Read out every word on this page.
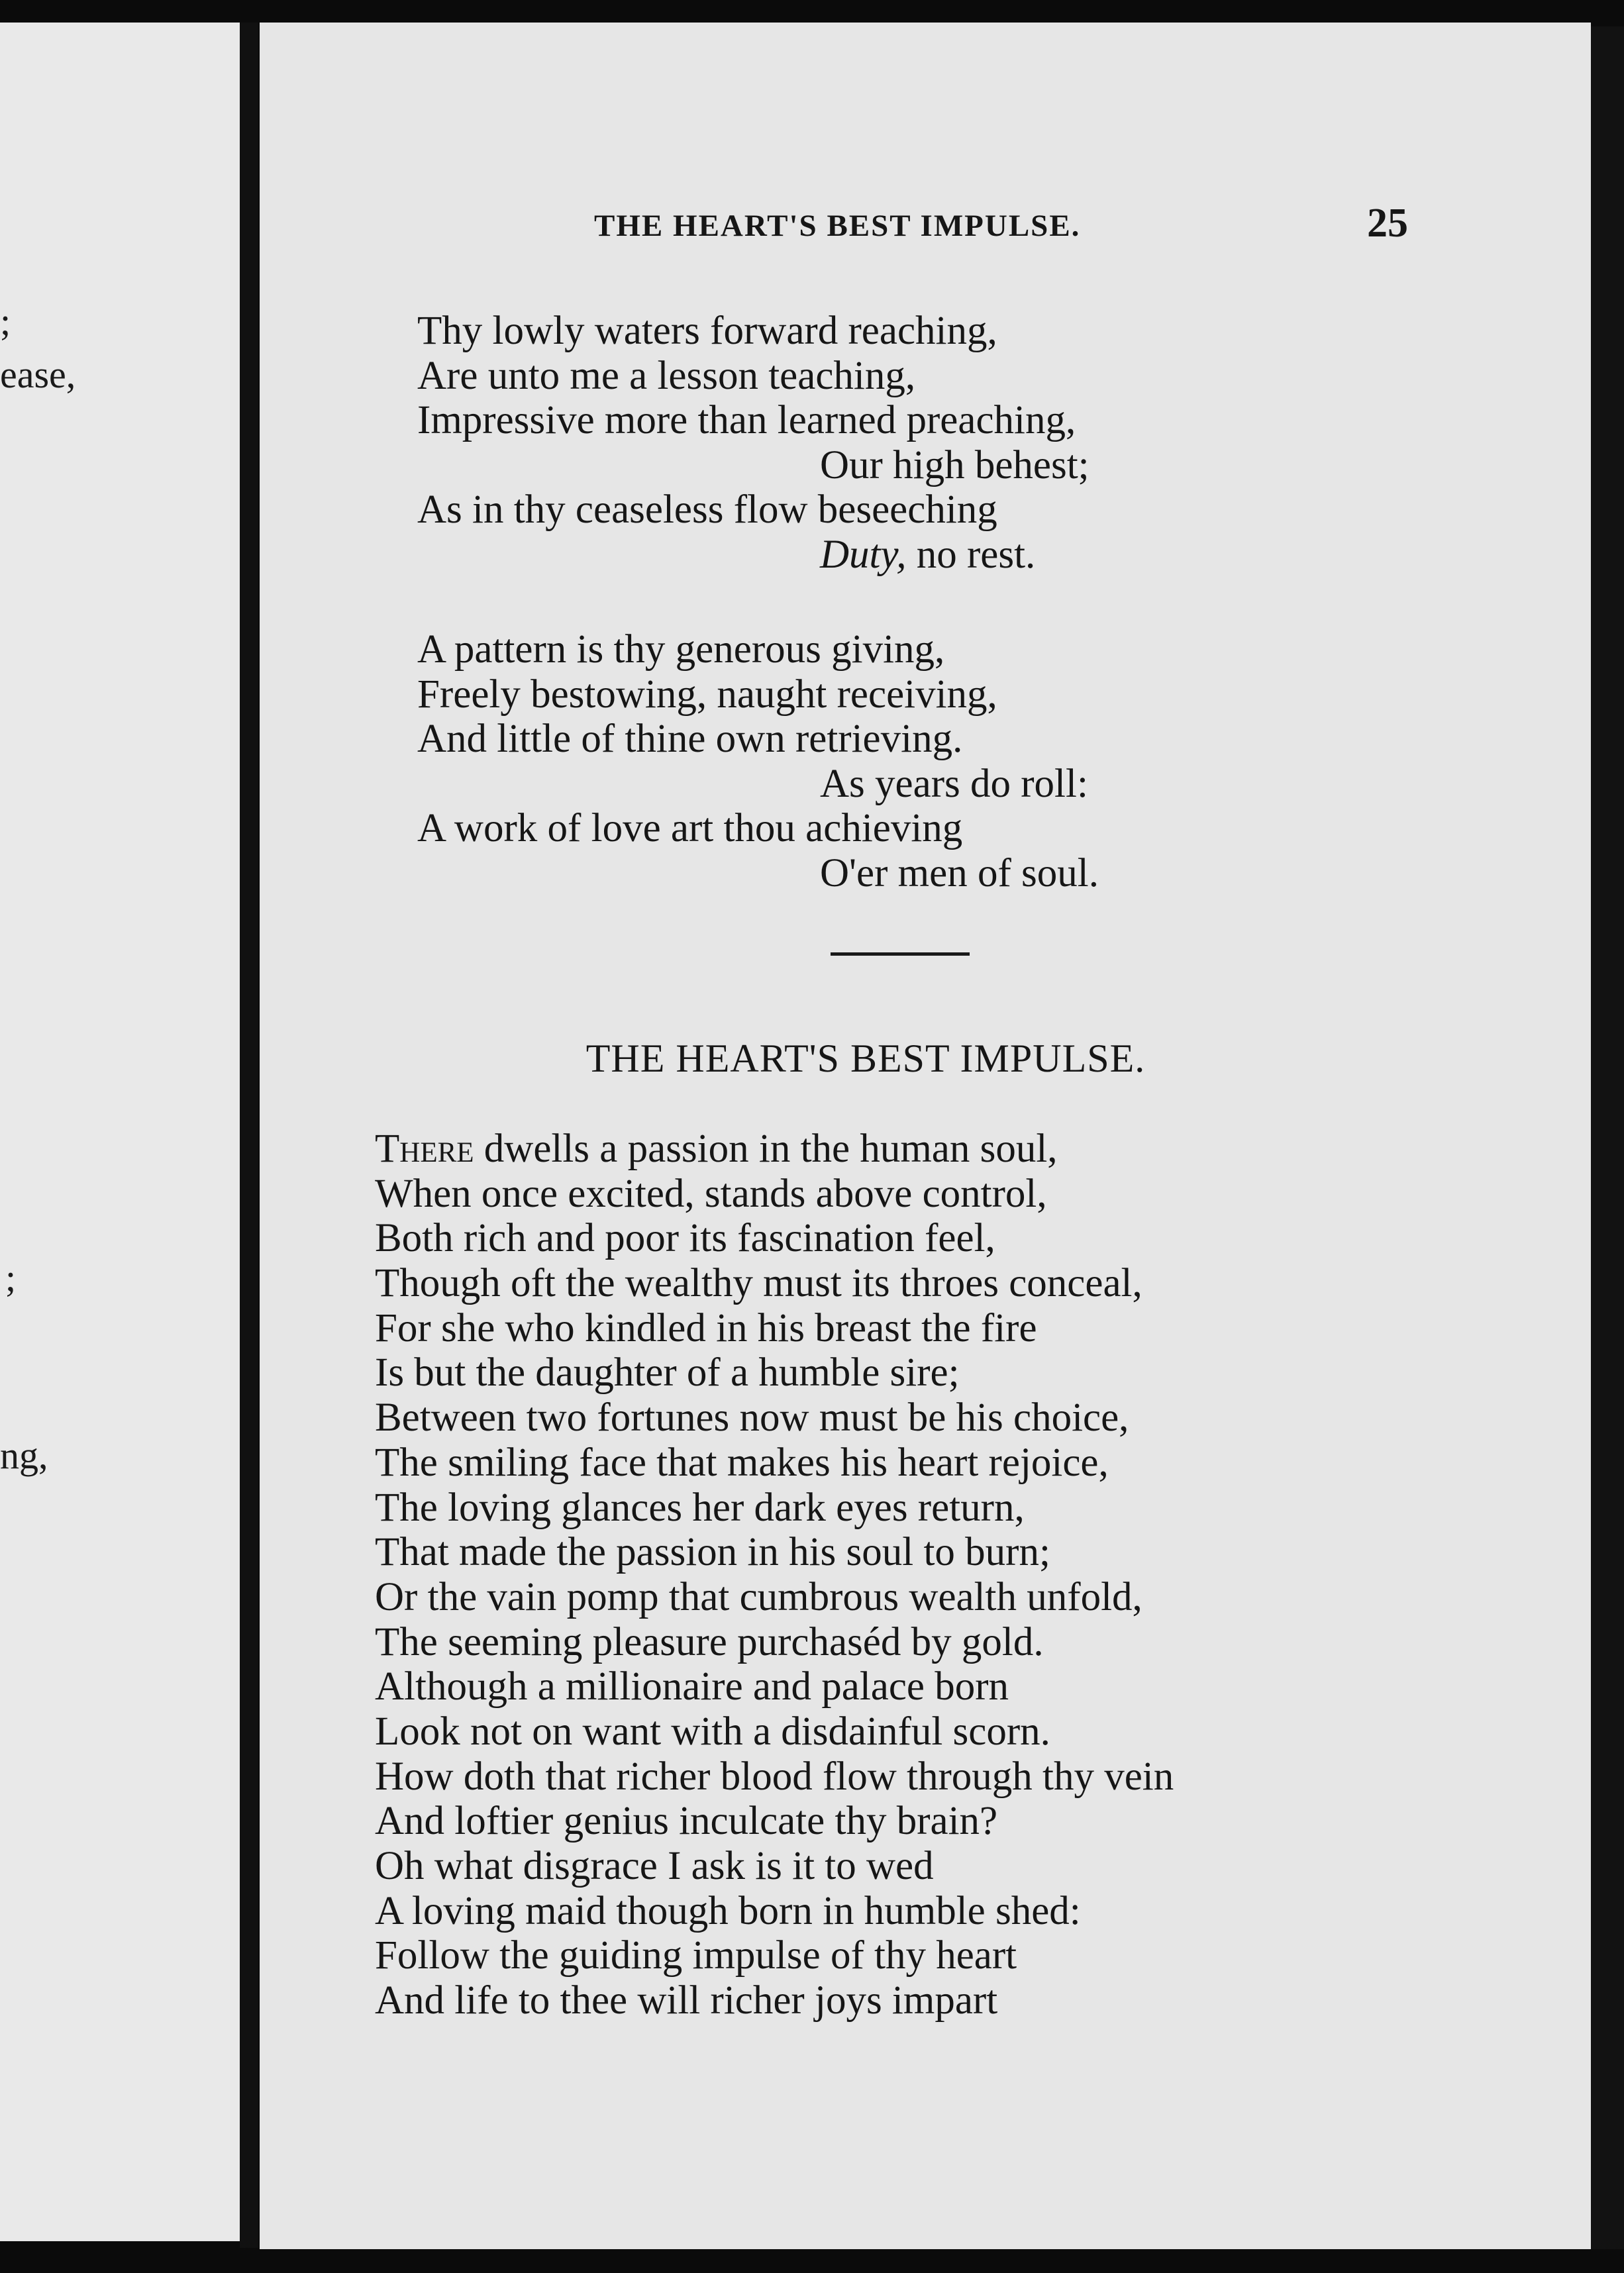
;
ease,
;
ng,
THE HEART'S BEST IMPULSE.	25
Thy lowly waters forward reaching,
Are unto me a lesson teaching,
Impressive more than learned preaching,
Our high behest;
As in thy ceaseless flow beseeching
Duty, no rest.
A pattern is thy generous giving,
Freely bestowing, naught receiving,
And little of thine own retrieving.
As years do roll:
A work of love art thou achieving
O'er men of soul.
THE HEART'S BEST IMPULSE.
There dwells a passion in the human soul,
When once excited, stands above control,
Both rich and poor its fascination feel,
Though oft the wealthy must its throes conceal,
For she who kindled in his breast the fire
Is but the daughter of a humble sire;
Between two fortunes now must be his choice,
The smiling face that makes his heart rejoice,
The loving glances her dark eyes return,
That made the passion in his soul to burn;
Or the vain pomp that cumbrous wealth unfold,
The seeming pleasure purchaséd by gold.
Although a millionaire and palace born
Look not on want with a disdainful scorn.
How doth that richer blood flow through thy vein
And loftier genius inculcate thy brain?
Oh what disgrace I ask is it to wed
A loving maid though born in humble shed:
Follow the guiding impulse of thy heart
And life to thee will richer joys impart
